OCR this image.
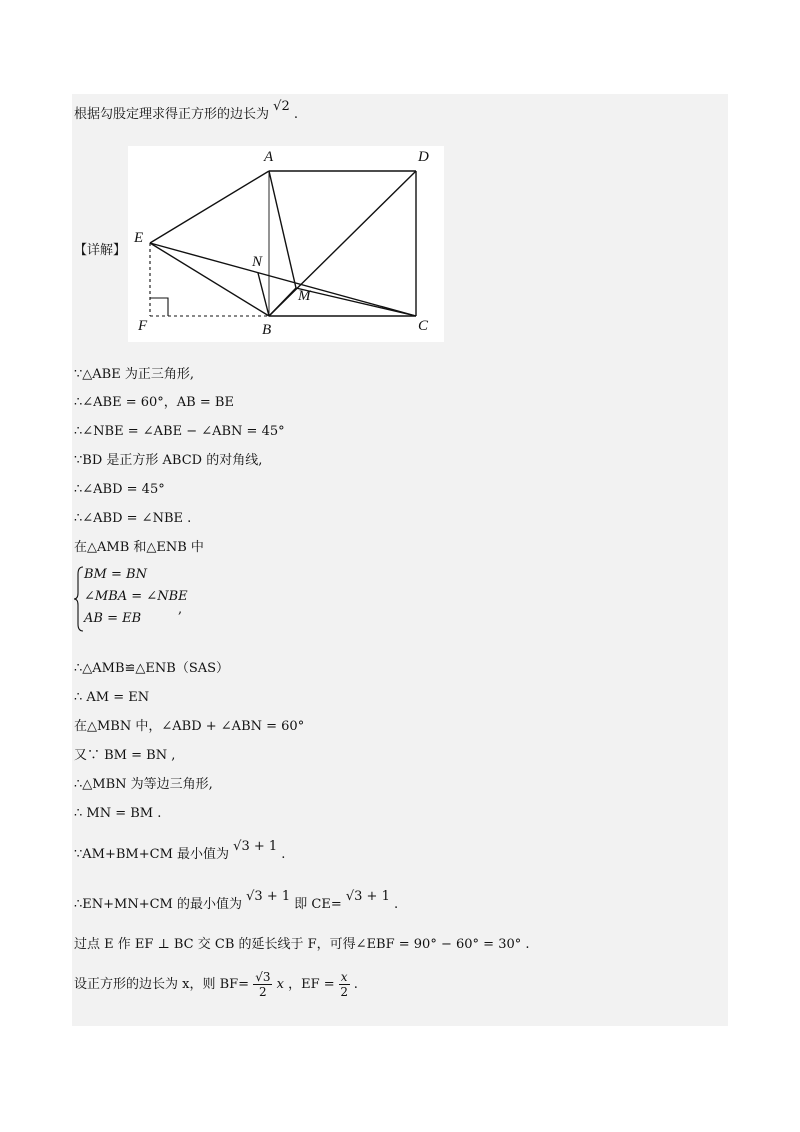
根据勾股定理求得正方形的边长为 √2 .
【详解】
A	D
E
N
M
F	B	C
∵△ABE 为正三角形,
∴∠ABE = 60°，AB = BE
∴∠NBE = ∠ABE − ∠ABN = 45°
∵BD 是正方形 ABCD 的对角线,
∴∠ABD = 45°
∴∠ABD = ∠NBE .
在△AMB 和△ENB 中
BM = BN
∠MBA = ∠NBE
AB = EB
,
∴△AMB≌△ENB（SAS）
∴ AM = EN
在△MBN 中，∠ABD + ∠ABN = 60°
又∵ BM = BN ,
∴△MBN 为等边三角形,
∴ MN = BM .
∵AM+BM+CM 最小值为 √3 + 1 .
∴EN+MN+CM 的最小值为 √3 + 1 即 CE= √3 + 1 .
过点 E 作 EF ⊥ BC 交 CB 的延长线于 F，可得∠EBF = 90° − 60° = 30° .
设正方形的边长为 x，则 $BF= \frac{√3}{2}$ x ，EF = $\frac{x}{2}$ .
